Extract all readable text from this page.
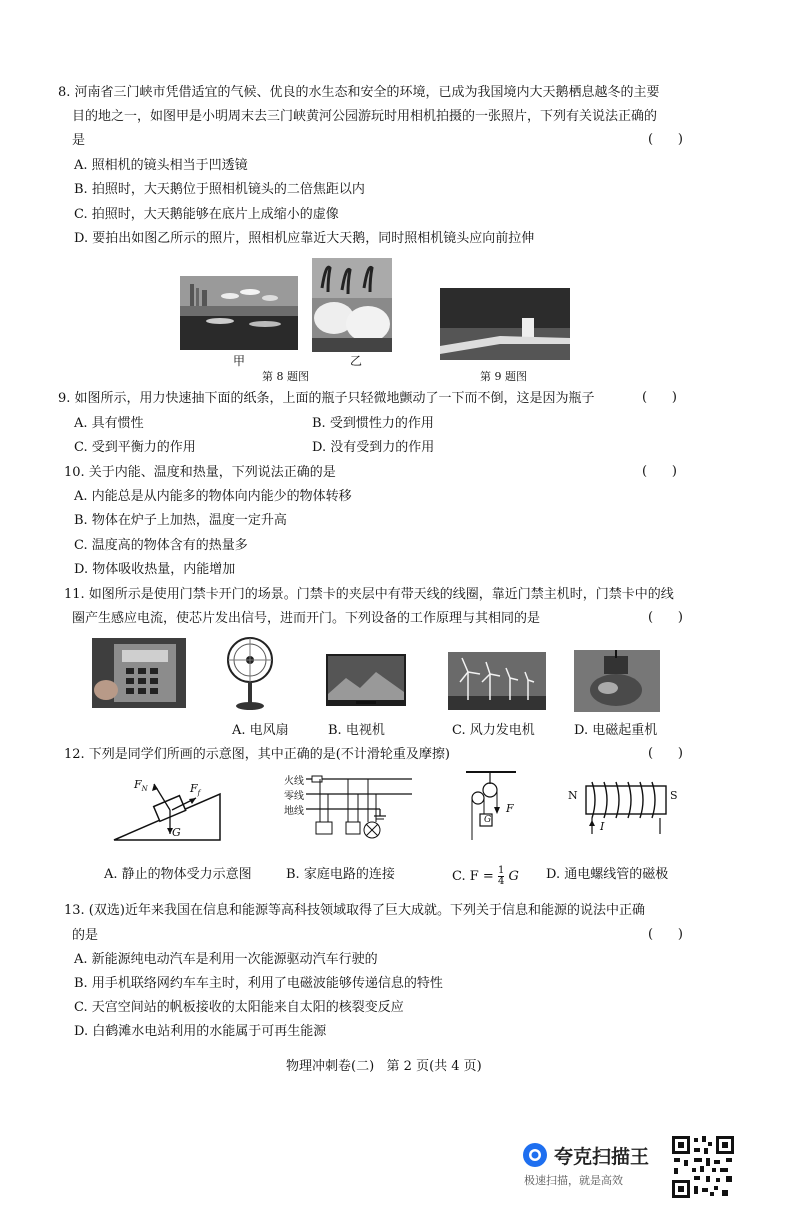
8. 河南省三门峡市凭借适宜的气候、优良的水生态和安全的环境，已成为我国境内大天鹅栖息越冬的主要
目的地之一，如图甲是小明周末去三门峡黄河公园游玩时用相机拍摄的一张照片，下列有关说法正确的
是	(      )
A. 照相机的镜头相当于凹透镜
B. 拍照时，大天鹅位于照相机镜头的二倍焦距以内
C. 拍照时，大天鹅能够在底片上成缩小的虚像
D. 要拍出如图乙所示的照片，照相机应靠近大天鹅，同时照相机镜头应向前拉伸
甲	乙
第 8 题图	第 9 题图
9. 如图所示，用力快速抽下面的纸条，上面的瓶子只轻微地颤动了一下而不倒，这是因为瓶子	(      )
A. 具有惯性	B. 受到惯性力的作用
C. 受到平衡力的作用	D. 没有受到力的作用
10. 关于内能、温度和热量，下列说法正确的是	(      )
A. 内能总是从内能多的物体向内能少的物体转移
B. 物体在炉子上加热，温度一定升高
C. 温度高的物体含有的热量多
D. 物体吸收热量，内能增加
11. 如图所示是使用门禁卡开门的场景。门禁卡的夹层中有带天线的线圈，靠近门禁主机时，门禁卡中的线
圈产生感应电流，使芯片发出信号，进而开门。下列设备的工作原理与其相同的是	(      )
A. 电风扇	B. 电视机	C. 风力发电机	D. 电磁起重机
12. 下列是同学们所画的示意图，其中正确的是(不计滑轮重及摩擦)	(      )
$F_N$	$F_f$
G
火线
零线
地线	F
G
N	S
I
A. 静止的物体受力示意图	B. 家庭电路的连接	C. $F = \frac{1}{4}$ G D. 通电螺线管的磁极
13. (双选)近年来我国在信息和能源等高科技领域取得了巨大成就。下列关于信息和能源的说法中正确
的是	(      )
A. 新能源纯电动汽车是利用一次能源驱动汽车行驶的
B. 用手机联络网约车车主时，利用了电磁波能够传递信息的特性
C. 天宫空间站的帆板接收的太阳能来自太阳的核裂变反应
D. 白鹤滩水电站利用的水能属于可再生能源
物理冲刺卷(二)   第 2 页(共 4 页)
夸克扫描王
极速扫描，就是高效
